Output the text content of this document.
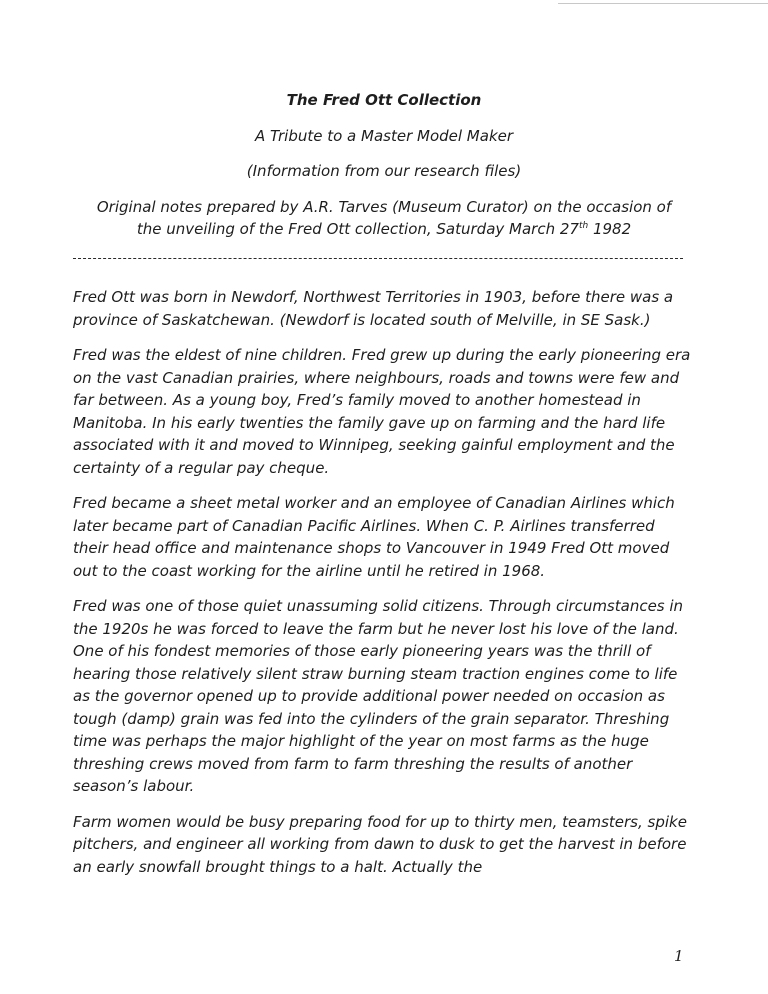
The Fred Ott Collection
A Tribute to a Master Model Maker
(Information from our research files)
Original notes prepared by A.R. Tarves (Museum Curator) on the occasion of
the unveiling of the Fred Ott collection, Saturday March 27th 1982

Fred Ott was born in Newdorf, Northwest Territories in 1903, before there was a province of Saskatchewan. (Newdorf is located south of Melville, in SE Sask.)

Fred was the eldest of nine children. Fred grew up during the early pioneering era on the vast Canadian prairies, where neighbours, roads and towns were few and far between. As a young boy, Fred’s family moved to another homestead in Manitoba. In his early twenties the family gave up on farming and the hard life associated with it and moved to Winnipeg, seeking gainful employment and the certainty of a regular pay cheque.

Fred became a sheet metal worker and an employee of Canadian Airlines which later became part of Canadian Pacific Airlines. When C. P. Airlines transferred their head office and maintenance shops to Vancouver in 1949 Fred Ott moved out to the coast working for the airline until he retired in 1968.

Fred was one of those quiet unassuming solid citizens. Through circumstances in the 1920s he was forced to leave the farm but he never lost his love of the land. One of his fondest memories of those early pioneering years was the thrill of hearing those relatively silent straw burning steam traction engines come to life as the governor opened up to provide additional power needed on occasion as tough (damp) grain was fed into the cylinders of the grain separator. Threshing time was perhaps the major highlight of the year on most farms as the huge threshing crews moved from farm to farm threshing the results of another season’s labour.

Farm women would be busy preparing food for up to thirty men, teamsters, spike pitchers, and engineer all working from dawn to dusk to get the harvest in before an early snowfall brought things to a halt. Actually the

1
